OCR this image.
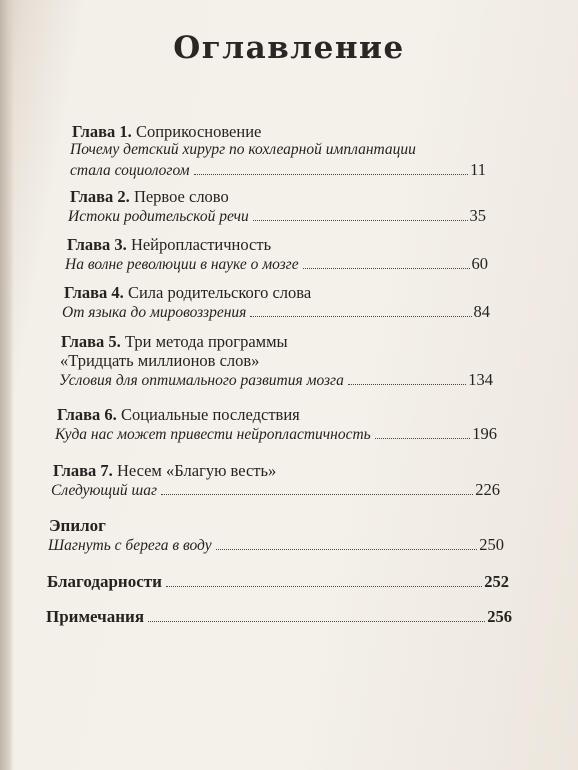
Оглавление
Глава 1.
Соприкосновение
Почему детский хирург по кохлеарной имплантации
стала социологом	11
Глава 2.
Первое слово
Истоки родительской речи	35
Глава 3.
Нейропластичность
На волне революции в науке о мозге	60
Глава 4.
Сила родительского слова
От языка до мировоззрения	84
Глава 5.
Три метода программы
«Тридцать миллионов слов»
Условия для оптимального развития мозга	134
Глава 6.
Социальные последствия
Куда нас может привести нейропластичность	196
Глава 7.
Несем «Благую весть»
Следующий шаг	226
Эпилог
Шагнуть с берега в воду	250
Благодарности	252
Примечания	256
